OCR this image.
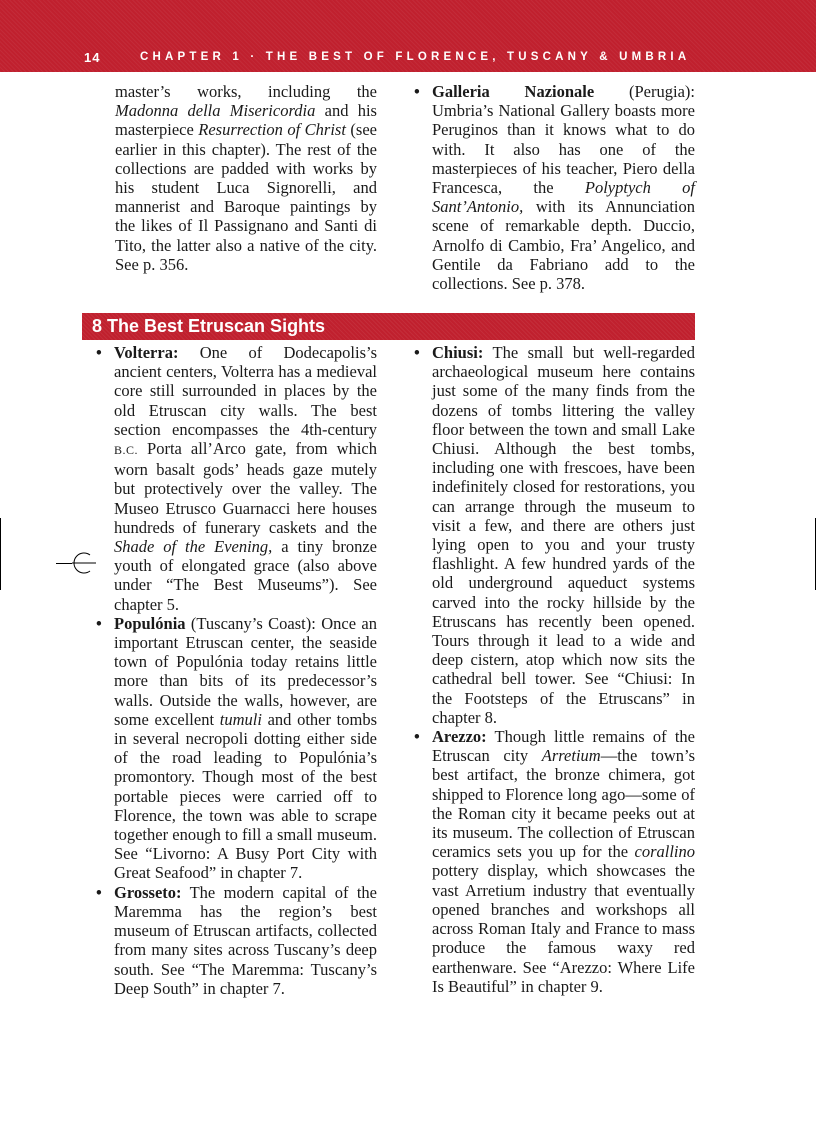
14	CHAPTER 1 · THE BEST OF FLORENCE, TUSCANY & UMBRIA

master’s works, including the Madonna della Misericordia and his masterpiece Resurrection of Christ (see earlier in this chapter). The rest of the collections are padded with works by his student Luca Signorelli, and mannerist and Baroque paintings by the likes of Il Passignano and Santi di Tito, the latter also a native of the city. See p. 356.

• Galleria Nazionale (Perugia): Umbria’s National Gallery boasts more Peruginos than it knows what to do with. It also has one of the masterpieces of his teacher, Piero della Francesca, the Polyptych of Sant’Antonio, with its Annunciation scene of remarkable depth. Duccio, Arnolfo di Cambio, Fra’ Angelico, and Gentile da Fabriano add to the collections. See p. 378.

8 The Best Etruscan Sights

• Volterra: One of Dodecapolis’s ancient centers, Volterra has a medieval core still surrounded in places by the old Etruscan city walls. The best section encompasses the 4th-century B.C. Porta all’Arco gate, from which worn basalt gods’ heads gaze mutely but protectively over the valley. The Museo Etrusco Guarnacci here houses hundreds of funerary caskets and the Shade of the Evening, a tiny bronze youth of elongated grace (also above under “The Best Museums”). See chapter 5.

• Populónia (Tuscany’s Coast): Once an important Etruscan center, the seaside town of Populónia today retains little more than bits of its predecessor’s walls. Outside the walls, however, are some excellent tumuli and other tombs in several necropoli dotting either side of the road leading to Populónia’s promontory. Though most of the best portable pieces were carried off to Florence, the town was able to scrape together enough to fill a small museum. See “Livorno: A Busy Port City with Great Seafood” in chapter 7.

• Grosseto: The modern capital of the Maremma has the region’s best museum of Etruscan artifacts, collected from many sites across Tuscany’s deep south. See “The Maremma: Tuscany’s Deep South” in chapter 7.

• Chiusi: The small but well-regarded archaeological museum here contains just some of the many finds from the dozens of tombs littering the valley floor between the town and small Lake Chiusi. Although the best tombs, including one with frescoes, have been indefinitely closed for restorations, you can arrange through the museum to visit a few, and there are others just lying open to you and your trusty flashlight. A few hundred yards of the old underground aqueduct systems carved into the rocky hillside by the Etruscans has recently been opened. Tours through it lead to a wide and deep cistern, atop which now sits the cathedral bell tower. See “Chiusi: In the Footsteps of the Etruscans” in chapter 8.

• Arezzo: Though little remains of the Etruscan city Arretium—the town’s best artifact, the bronze chimera, got shipped to Florence long ago—some of the Roman city it became peeks out at its museum. The collection of Etruscan ceramics sets you up for the corallino pottery display, which showcases the vast Arretium industry that eventually opened branches and workshops all across Roman Italy and France to mass produce the famous waxy red earthenware. See “Arezzo: Where Life Is Beautiful” in chapter 9.
